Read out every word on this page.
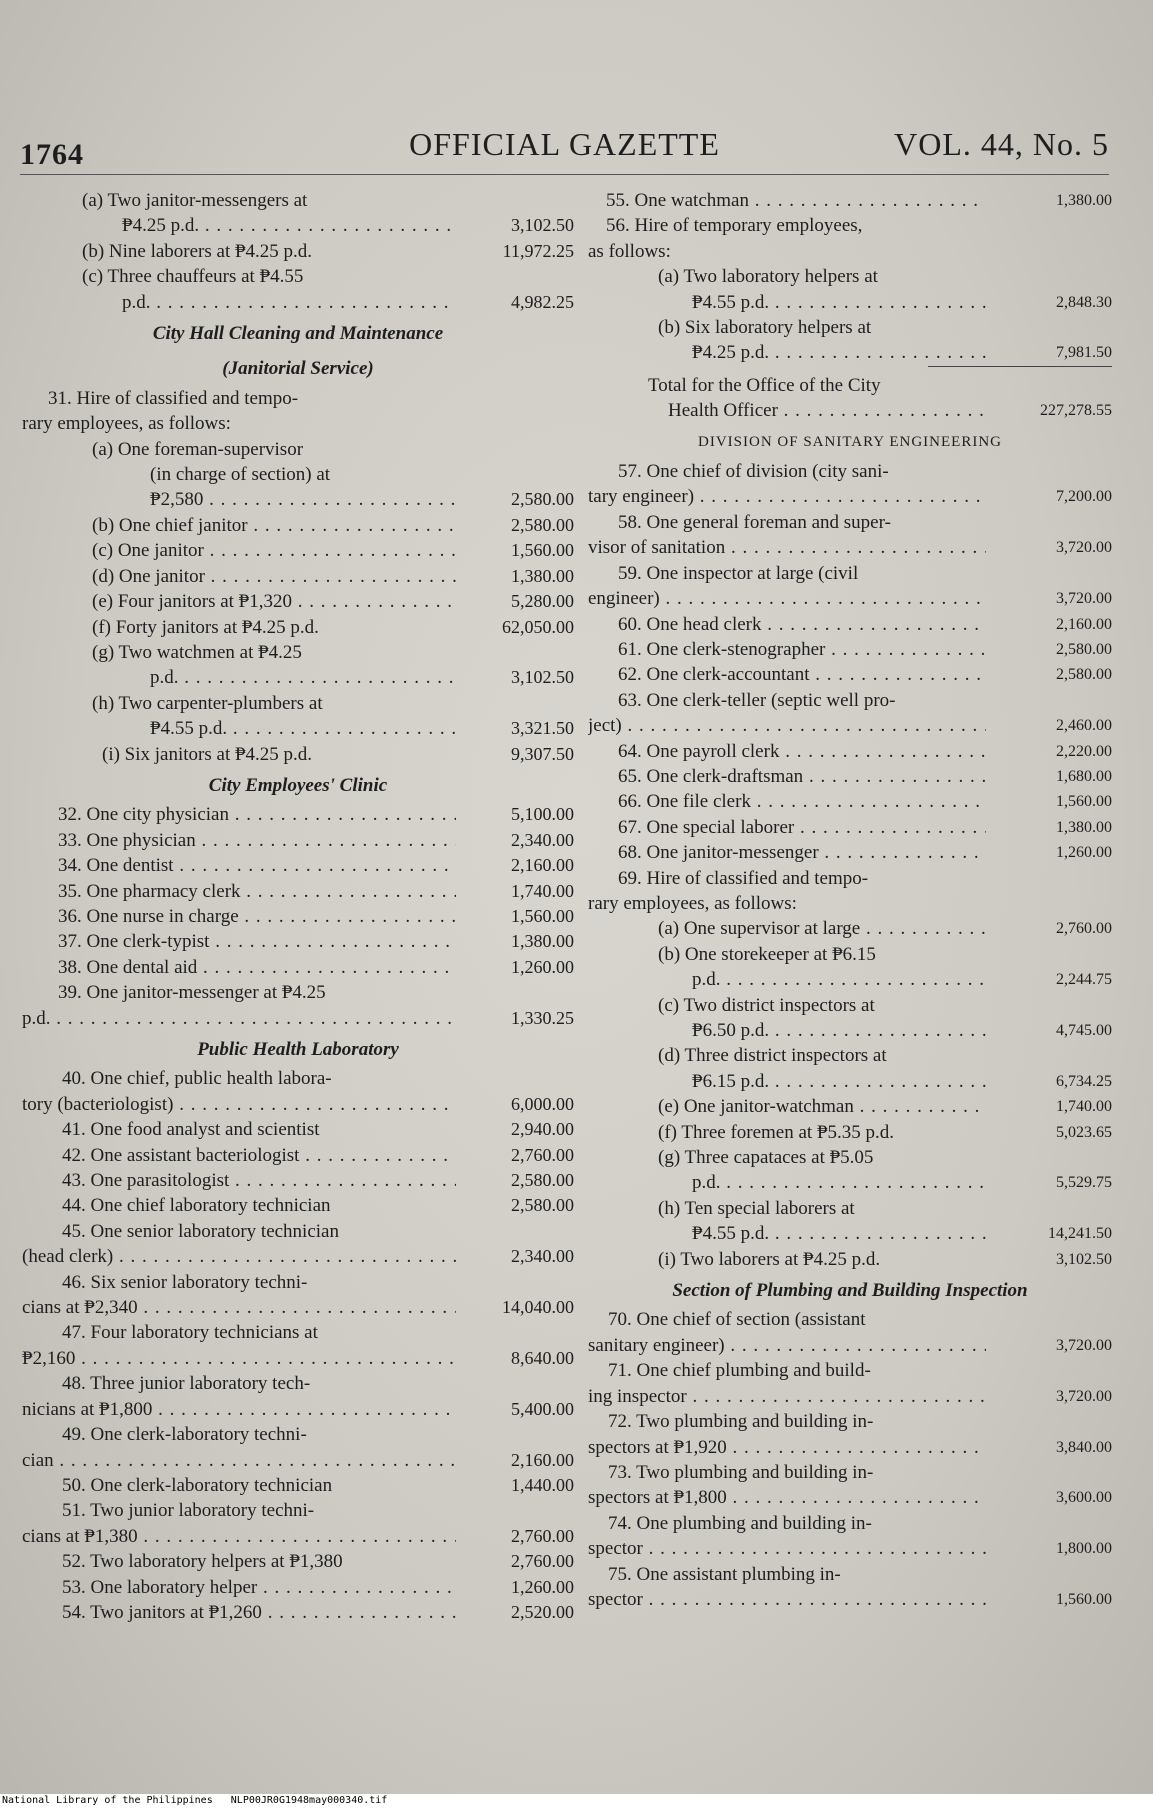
1764	OFFICIAL GAZETTE	VOL. 44, No. 5
(a) Two janitor-messengers at
₱4.25 p.d. . . .	3,102.50
(b) Nine laborers at ₱4.25 p.d.	11,972.25
(c) Three chauffeurs at ₱4.55
p.d. . . .	4,982.25
City Hall Cleaning and Maintenance
(Janitorial Service)
31. Hire of classified and tempo-
rary employees, as follows:
(a) One foreman-supervisor
(in charge of section) at
₱2,580 . . .	2,580.00
(b) One chief janitor . . .	2,580.00
(c) One janitor . . .	1,560.00
(d) One janitor . . .	1,380.00
(e) Four janitors at ₱1,320 . . .	5,280.00
(f) Forty janitors at ₱4.25 p.d.	62,050.00
(g) Two watchmen at ₱4.25
p.d. . . .	3,102.50
(h) Two carpenter-plumbers at
₱4.55 p.d. . . .	3,321.50
(i) Six janitors at ₱4.25 p.d.	9,307.50
City Employees' Clinic
32. One city physician . . .	5,100.00
33. One physician . . .	2,340.00
34. One dentist . . .	2,160.00
35. One pharmacy clerk . . .	1,740.00
36. One nurse in charge . . .	1,560.00
37. One clerk-typist . . .	1,380.00
38. One dental aid . . .	1,260.00
39. One janitor-messenger at ₱4.25
p.d. . . .	1,330.25
Public Health Laboratory
40. One chief, public health labora-
tory (bacteriologist) . . .	6,000.00
41. One food analyst and scientist	2,940.00
42. One assistant bacteriologist . . .	2,760.00
43. One parasitologist . . .	2,580.00
44. One chief laboratory technician	2,580.00
45. One senior laboratory technician
(head clerk) . . .	2,340.00
46. Six senior laboratory techni-
cians at ₱2,340 . . .	14,040.00
47. Four laboratory technicians at
₱2,160 . . .	8,640.00
48. Three junior laboratory tech-
nicians at ₱1,800 . . .	5,400.00
49. One clerk-laboratory techni-
cian . . .	2,160.00
50. One clerk-laboratory technician	1,440.00
51. Two junior laboratory techni-
cians at ₱1,380 . . .	2,760.00
52. Two laboratory helpers at ₱1,380	2,760.00
53. One laboratory helper . . .	1,260.00
54. Two janitors at ₱1,260 . . .	2,520.00
55. One watchman . . .	1,380.00
56. Hire of temporary employees,
as follows:
(a) Two laboratory helpers at
₱4.55 p.d. . . .	2,848.30
(b) Six laboratory helpers at
₱4.25 p.d. . . .	7,981.50
Total for the Office of the City
Health Officer . . .	227,278.55
DIVISION OF SANITARY ENGINEERING
57. One chief of division (city sani-
tary engineer) . . .	7,200.00
58. One general foreman and super-
visor of sanitation . . .	3,720.00
59. One inspector at large (civil
engineer) . . .	3,720.00
60. One head clerk . . .	2,160.00
61. One clerk-stenographer . . .	2,580.00
62. One clerk-accountant . . .	2,580.00
63. One clerk-teller (septic well pro-
ject) . . .	2,460.00
64. One payroll clerk . . .	2,220.00
65. One clerk-draftsman . . .	1,680.00
66. One file clerk . . .	1,560.00
67. One special laborer . . .	1,380.00
68. One janitor-messenger . . .	1,260.00
69. Hire of classified and tempo-
rary employees, as follows:
(a) One supervisor at large . . .	2,760.00
(b) One storekeeper at ₱6.15
p.d. . . .	2,244.75
(c) Two district inspectors at
₱6.50 p.d. . . .	4,745.00
(d) Three district inspectors at
₱6.15 p.d. . . .	6,734.25
(e) One janitor-watchman . . .	1,740.00
(f) Three foremen at ₱5.35 p.d.	5,023.65
(g) Three capataces at ₱5.05
p.d. . . .	5,529.75
(h) Ten special laborers at
₱4.55 p.d. . . .	14,241.50
(i) Two laborers at ₱4.25 p.d.	3,102.50
Section of Plumbing and Building Inspection
70. One chief of section (assistant
sanitary engineer) . . .	3,720.00
71. One chief plumbing and build-
ing inspector . . .	3,720.00
72. Two plumbing and building in-
spectors at ₱1,920 . . .	3,840.00
73. Two plumbing and building in-
spectors at ₱1,800 . . .	3,600.00
74. One plumbing and building in-
spector . . .	1,800.00
75. One assistant plumbing in-
spector . . .	1,560.00
National Library of the Philippines NLP00JR0G1948may000340.tif
